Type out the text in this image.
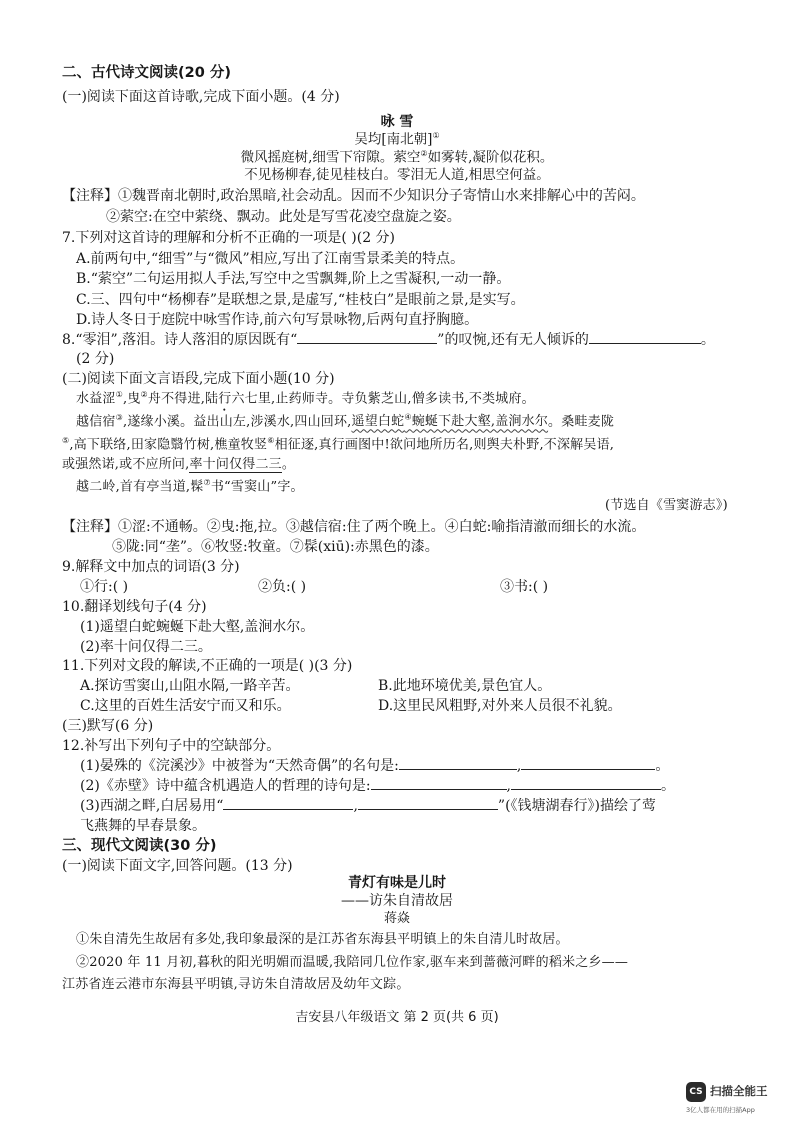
二、古代诗文阅读(20 分)
(一)阅读下面这首诗歌,完成下面小题。(4 分)
咏 雪
吴均[南北朝]①
微风摇庭树,细雪下帘隙。萦空②如雾转,凝阶似花积。
不见杨柳春,徒见桂枝白。零泪无人道,相思空何益。
【注释】①魏晋南北朝时,政治黑暗,社会动乱。因而不少知识分子寄情山水来排解心中的苦闷。
②萦空:在空中萦绕、飘动。此处是写雪花凌空盘旋之姿。
7.下列对这首诗的理解和分析不正确的一项是( )(2 分)
A.前两句中,“细雪”与“微风”相应,写出了江南雪景柔美的特点。
B.“萦空”二句运用拟人手法,写空中之雪飘舞,阶上之雪凝积,一动一静。
C.三、四句中“杨柳春”是联想之景,是虚写,“桂枝白”是眼前之景,是实写。
D.诗人冬日于庭院中咏雪作诗,前六句写景咏物,后两句直抒胸臆。
8.“零泪”,落泪。诗人落泪的原因既有“	”的叹惋,还有无人倾诉的	。
(2 分)
(二)阅读下面文言语段,完成下面小题(10 分)
水益涩①,曳②舟不得进,陆行六七里,止药师寺。寺负紫芝山,僧多读书,不类城府。
越信宿③,遂缘小溪。益出山左,涉溪水,四山回环,遥望白蛇④蜿蜒下赴大壑,盖涧水尔。桑畦麦陇
⑤,高下联络,田家隐翳竹树,樵童牧竖⑥相征逐,真行画图中!欲问地所历名,则舆夫朴野,不深解吴语,
或强然诺,或不应所问,率十问仅得二三。
越二岭,首有亭当道,髹⑦书“雪窦山”字。
(节选自《雪窦游志》)
【注释】①涩:不通畅。②曳:拖,拉。③越信宿:住了两个晚上。④白蛇:喻指清澈而细长的水流。
⑤陇:同“垄”。⑥牧竖:牧童。⑦髹(xiū):赤黑色的漆。
9.解释文中加点的词语(3 分)
①行:( )	②负:( )	③书:( )
10.翻译划线句子(4 分)
(1)遥望白蛇蜿蜒下赴大壑,盖涧水尔。
(2)率十问仅得二三。
11.下列对文段的解读,不正确的一项是( )(3 分)
A.探访雪窦山,山阻水隔,一路辛苦。	B.此地环境优美,景色宜人。
C.这里的百姓生活安宁而又和乐。	D.这里民风粗野,对外来人员很不礼貌。
(三)默写(6 分)
12.补写出下列句子中的空缺部分。
(1)晏殊的《浣溪沙》中被誉为“天然奇偶”的名句是:	,	。
(2)《赤壁》诗中蕴含机遇造人的哲理的诗句是:	,	。
(3)西湖之畔,白居易用“	,	”(《钱塘湖春行》)描绘了莺
飞燕舞的早春景象。
三、现代文阅读(30 分)
(一)阅读下面文字,回答问题。(13 分)
青灯有味是儿时
——访朱自清故居
蒋焱
①朱自清先生故居有多处,我印象最深的是江苏省东海县平明镇上的朱自清儿时故居。
②2020 年 11 月初,暮秋的阳光明媚而温暖,我陪同几位作家,驱车来到蔷薇河畔的稻米之乡——
江苏省连云港市东海县平明镇,寻访朱自清故居及幼年文踪。
吉安县八年级语文 第 2 页(共 6 页)
CS 扫描全能王
3亿人都在用的扫描App
